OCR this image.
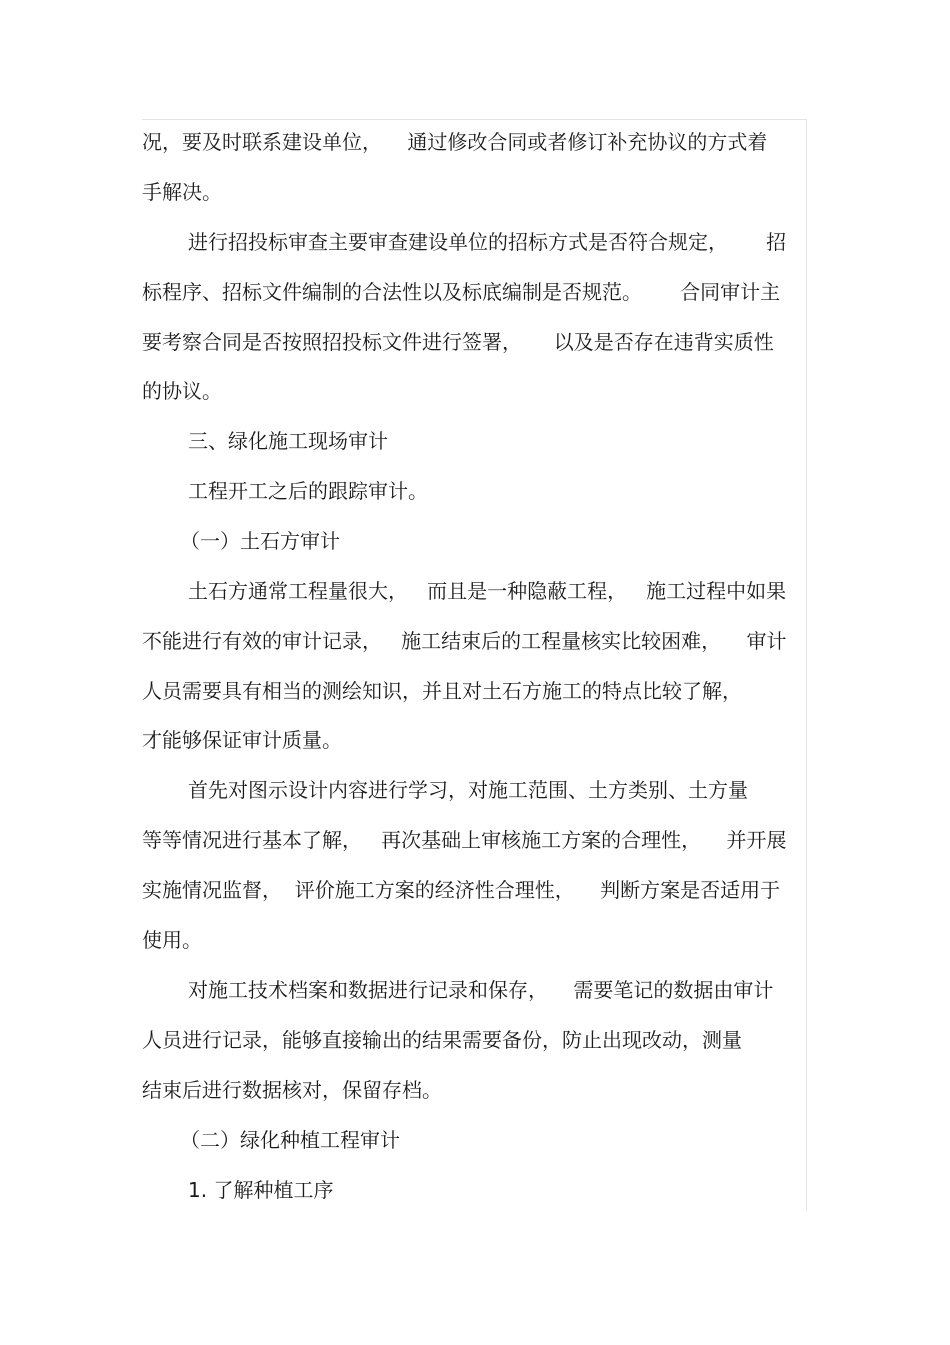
况，要及时联系建设单位，    通过修改合同或者修订补充协议的方式着

手解决。

进行招投标审查主要审查建设单位的招标方式是否符合规定，      招

标程序、招标文件编制的合法性以及标底编制是否规范。      合同审计主

要考察合同是否按照招投标文件进行签署，     以及是否存在违背实质性

的协议。

三、绿化施工现场审计

工程开工之后的跟踪审计。

（一）土石方审计

土石方通常工程量很大，   而且是一种隐蔽工程，   施工过程中如果

不能进行有效的审计记录，   施工结束后的工程量核实比较困难，    审计

人员需要具有相当的测绘知识，并且对土石方施工的特点比较了解，

才能够保证审计质量。

首先对图示设计内容进行学习，对施工范围、土方类别、土方量

等等情况进行基本了解，   再次基础上审核施工方案的合理性，    并开展

实施情况监督，  评价施工方案的经济性合理性，    判断方案是否适用于

使用。

对施工技术档案和数据进行记录和保存，    需要笔记的数据由审计

人员进行记录，能够直接输出的结果需要备份，防止出现改动，测量

结束后进行数据核对，保留存档。

（二）绿化种植工程审计

1. 了解种植工序
